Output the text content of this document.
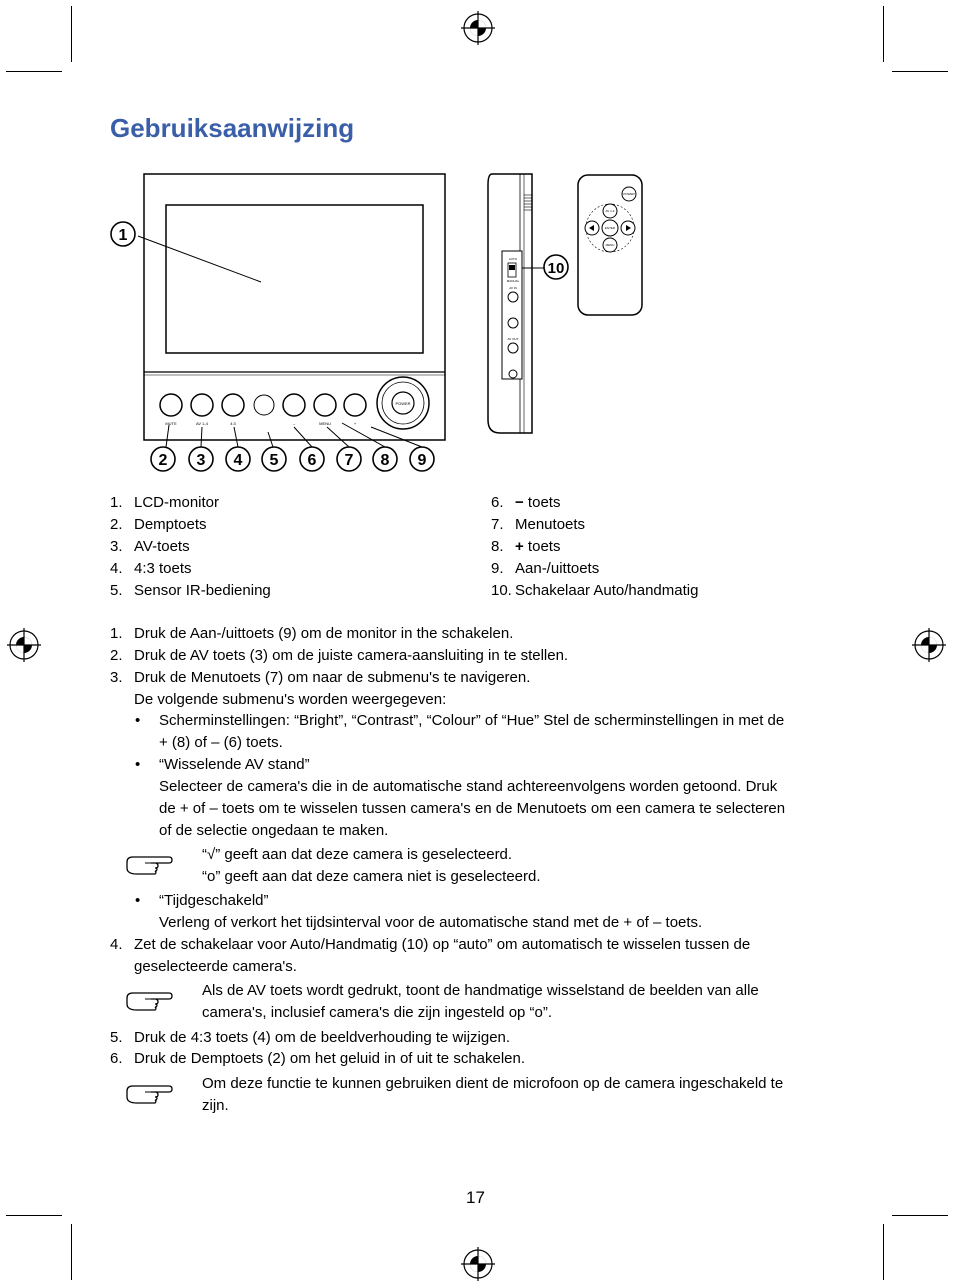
Gebruiksaanwijzing
MUTE	AV 1-4	4:3	–	MENU	+
POWER
1
2 3 4 5 6 7 8 9
AUTO
MANUAL
AV IN
AV OUT
10
POWER
AV 1-4
ENTER
MENU
1. LCD-monitor
2. Demptoets
3. AV-toets
4. 4:3 toets
5. Sensor IR-bediening
6. − toets
7. Menutoets
8. + toets
9. Aan-/uittoets
10. Schakelaar Auto/handmatig
1. Druk de Aan-/uittoets (9) om de monitor in the schakelen.
2. Druk de AV toets (3) om de juiste camera-aansluiting in te stellen.
3. Druk de Menutoets (7) om naar de submenu's te navigeren.
De volgende submenu's worden weergegeven:
• Scherminstellingen: “Bright”, “Contrast”, “Colour” of “Hue” Stel de scherminstellingen in met de
+ (8) of – (6) toets.
• “Wisselende AV stand”
Selecteer de camera's die in de automatische stand achtereenvolgens worden getoond. Druk
de + of – toets om te wisselen tussen camera's en de Menutoets om een camera te selecteren
of de selectie ongedaan te maken.
“√” geeft aan dat deze camera is geselecteerd.
“ο” geeft aan dat deze camera niet is geselecteerd.
• “Tijdgeschakeld”
Verleng of verkort het tijdsinterval voor de automatische stand met de + of – toets.
4. Zet de schakelaar voor Auto/Handmatig (10) op “auto” om automatisch te wisselen tussen de
geselecteerde camera's.
Als de AV toets wordt gedrukt, toont de handmatige wisselstand de beelden van alle
camera's, inclusief camera's die zijn ingesteld op “ο”.
5. Druk de 4:3 toets (4) om de beeldverhouding te wijzigen.
6. Druk de Demptoets (2) om het geluid in of uit te schakelen.
Om deze functie te kunnen gebruiken dient de microfoon op de camera ingeschakeld te
zijn.
17
